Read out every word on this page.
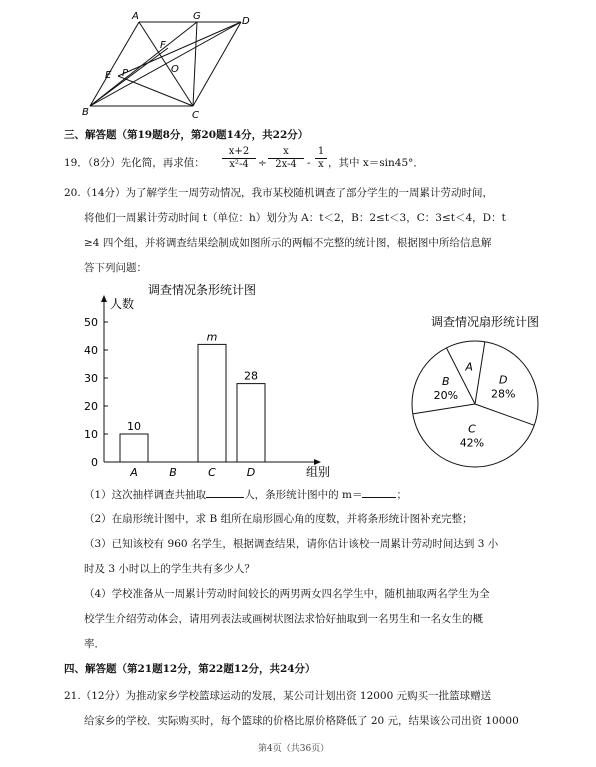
A	G	D
F
O
E P
B	C
三、解答题（第19题8分，第20题14分，共22分）
19．（8分）先化简，再求值： $\frac{x+2}{\text{x²-4}} \div \frac{x}{2x-4} - \frac{1}{x}$ ，其中 x＝sin45°．
20.（14分）为了解学生一周劳动情况，我市某校随机调查了部分学生的一周累计劳动时间，
将他们一周累计劳动时间 t（单位：h）划分为 A：t＜2，B：2≤t＜3，C：3≤t＜4，D：t
≥4 四个组，并将调查结果绘制成如图所示的两幅不完整的统计图，根据图中所给信息解
答下列问题：
调查情况条形统计图
人数
组别
0
10
20
30
40
50
10
A	B
m
C
28
D
调查情况扇形统计图
A
D
28%
C
42%
B
20%
（1）这次抽样调查共抽取	人，条形统计图中的 m＝	；
（2）在扇形统计图中，求 B 组所在扇形圆心角的度数，并将条形统计图补充完整；
（3）已知该校有 960 名学生，根据调查结果，请你估计该校一周累计劳动时间达到 3 小
时及 3 小时以上的学生共有多少人？
（4）学校准备从一周累计劳动时间较长的两男两女四名学生中，随机抽取两名学生为全
校学生介绍劳动体会，请用列表法或画树状图法求恰好抽取到一名男生和一名女生的概
率．
四、解答题（第21题12分，第22题12分，共24分）
21.（12分）为推动家乡学校篮球运动的发展，某公司计划出资 12000 元购买一批篮球赠送
给家乡的学校．实际购买时，每个篮球的价格比原价格降低了 20 元，结果该公司出资 10000
第4页（共36页）
